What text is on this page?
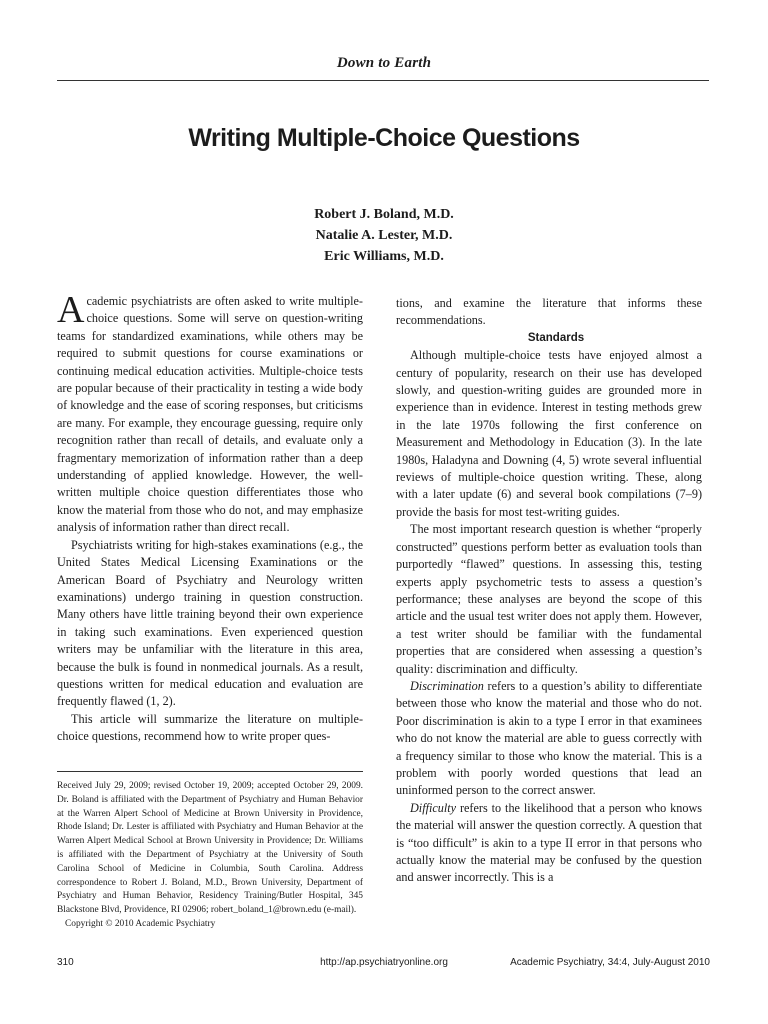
Down to Earth
Writing Multiple-Choice Questions
Robert J. Boland, M.D.
Natalie A. Lester, M.D.
Eric Williams, M.D.

Academic psychiatrists are often asked to write multiple-choice questions. Some will serve on question-writing teams for standardized examinations, while others may be required to submit questions for course examinations or continuing medical education activities. Multiple-choice tests are popular because of their practicality in testing a wide body of knowledge and the ease of scoring responses, but criticisms are many. For example, they encourage guessing, require only recognition rather than recall of details, and evaluate only a fragmentary memorization of information rather than a deep understanding of applied knowledge. However, the well-written multiple choice question differentiates those who know the material from those who do not, and may emphasize analysis of information rather than direct recall.

Psychiatrists writing for high-stakes examinations (e.g., the United States Medical Licensing Examinations or the American Board of Psychiatry and Neurology written examinations) undergo training in question construction. Many others have little training beyond their own experience in taking such examinations. Even experienced question writers may be unfamiliar with the literature in this area, because the bulk is found in nonmedical journals. As a result, questions written for medical education and evaluation are frequently flawed (1, 2).

This article will summarize the literature on multiple-choice questions, recommend how to write proper ques-

Received July 29, 2009; revised October 19, 2009; accepted October 29, 2009. Dr. Boland is affiliated with the Department of Psychiatry and Human Behavior at the Warren Alpert School of Medicine at Brown University in Providence, Rhode Island; Dr. Lester is affiliated with Psychiatry and Human Behavior at the Warren Alpert Medical School at Brown University in Providence; Dr. Williams is affiliated with the Department of Psychiatry at the University of South Carolina School of Medicine in Columbia, South Carolina. Address correspondence to Robert J. Boland, M.D., Brown University, Department of Psychiatry and Human Behavior, Residency Training/Butler Hospital, 345 Blackstone Blvd, Providence, RI 02906; robert_boland_1@brown.edu (e-mail).
Copyright © 2010 Academic Psychiatry

tions, and examine the literature that informs these recommendations.

Standards

Although multiple-choice tests have enjoyed almost a century of popularity, research on their use has developed slowly, and question-writing guides are grounded more in experience than in evidence. Interest in testing methods grew in the late 1970s following the first conference on Measurement and Methodology in Education (3). In the late 1980s, Haladyna and Downing (4, 5) wrote several influential reviews of multiple-choice question writing. These, along with a later update (6) and several book compilations (7–9) provide the basis for most test-writing guides.

The most important research question is whether “properly constructed” questions perform better as evaluation tools than purportedly “flawed” questions. In assessing this, testing experts apply psychometric tests to assess a question’s performance; these analyses are beyond the scope of this article and the usual test writer does not apply them. However, a test writer should be familiar with the fundamental properties that are considered when assessing a question’s quality: discrimination and difficulty.

Discrimination refers to a question’s ability to differentiate between those who know the material and those who do not. Poor discrimination is akin to a type I error in that examinees who do not know the material are able to guess correctly with a frequency similar to those who know the material. This is a problem with poorly worded questions that lead an uninformed person to the correct answer.

Difficulty refers to the likelihood that a person who knows the material will answer the question correctly. A question that is “too difficult” is akin to a type II error in that persons who actually know the material may be confused by the question and answer incorrectly. This is a

310	http://ap.psychiatryonline.org	Academic Psychiatry, 34:4, July-August 2010
